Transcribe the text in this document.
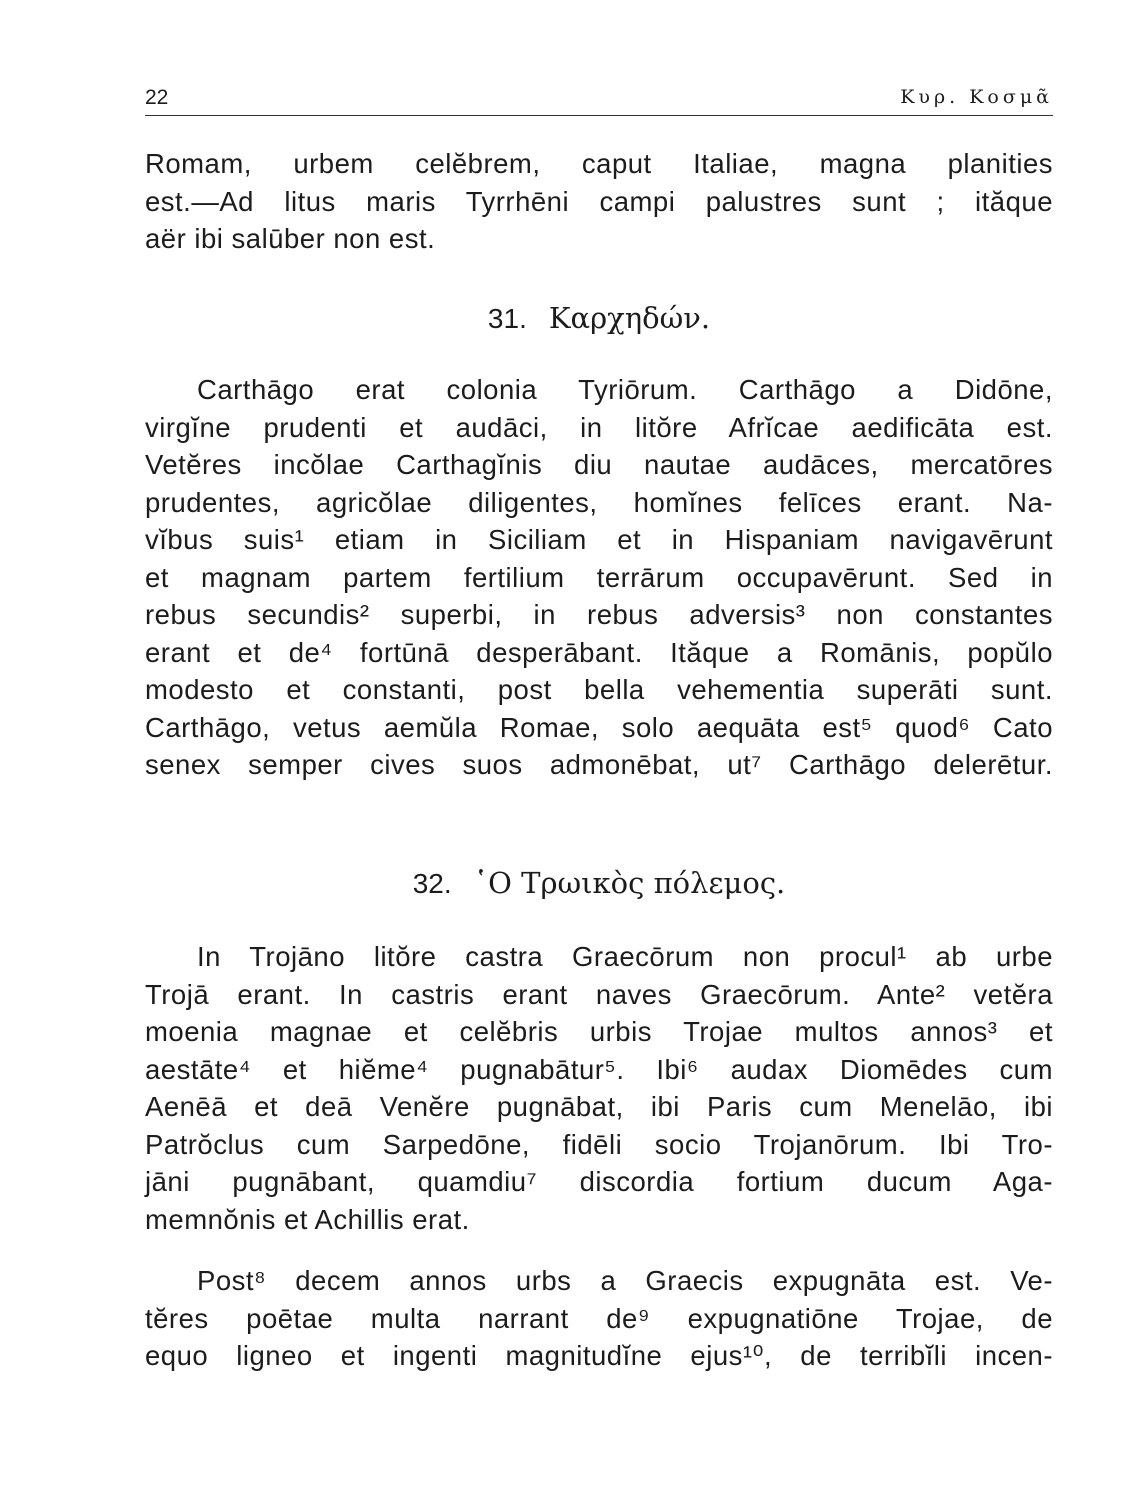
22	Κυρ. Κοσμᾶ
Romam, urbem celĕbrem, caput Italiae, magna planities
est.—Ad litus maris Tyrrhēni campi palustres sunt ; ităque
aër ibi salūber non est.
31. Καρχηδών.
Carthāgo erat colonia Tyriōrum. Carthāgo a Didōne,
virgĭne prudenti et audāci, in litŏre Afrĭcae aedificāta est.
Vetĕres incŏlae Carthagĭnis diu nautae audāces, mercatōres
prudentes, agricŏlae diligentes, homĭnes felīces erant. Na-
vĭbus suis¹ etiam in Siciliam et in Hispaniam navigavērunt
et magnam partem fertilium terrārum occupavērunt. Sed in
rebus secundis² superbi, in rebus adversis³ non constantes
erant et de⁴ fortūnā desperābant. Ităque a Romānis, popŭlo
modesto et constanti, post bella vehementia superāti sunt.
Carthāgo, vetus aemŭla Romae, solo aequāta est⁵ quod⁶ Cato
senex semper cives suos admonēbat, ut⁷ Carthāgo delerētur.
32. ῾Ο Τρωικὸς πόλεμος.
In Trojāno litŏre castra Graecōrum non procul¹ ab urbe
Trojā erant. In castris erant naves Graecōrum. Ante² vetĕra
moenia magnae et celĕbris urbis Trojae multos annos³ et
aestāte⁴ et hiĕme⁴ pugnabātur⁵. Ibi⁶ audax Diomēdes cum
Aenēā et deā Venĕre pugnābat, ibi Paris cum Menelāo, ibi
Patrŏclus cum Sarpedōne, fidēli socio Trojanōrum. Ibi Tro-
jāni pugnābant, quamdiu⁷ discordia fortium ducum Aga-
memnŏnis et Achillis erat.
Post⁸ decem annos urbs a Graecis expugnāta est. Ve-
tĕres poētae multa narrant de⁹ expugnatiōne Trojae, de
equo ligneo et ingenti magnitudĭne ejus¹⁰, de terribĭli incen-
